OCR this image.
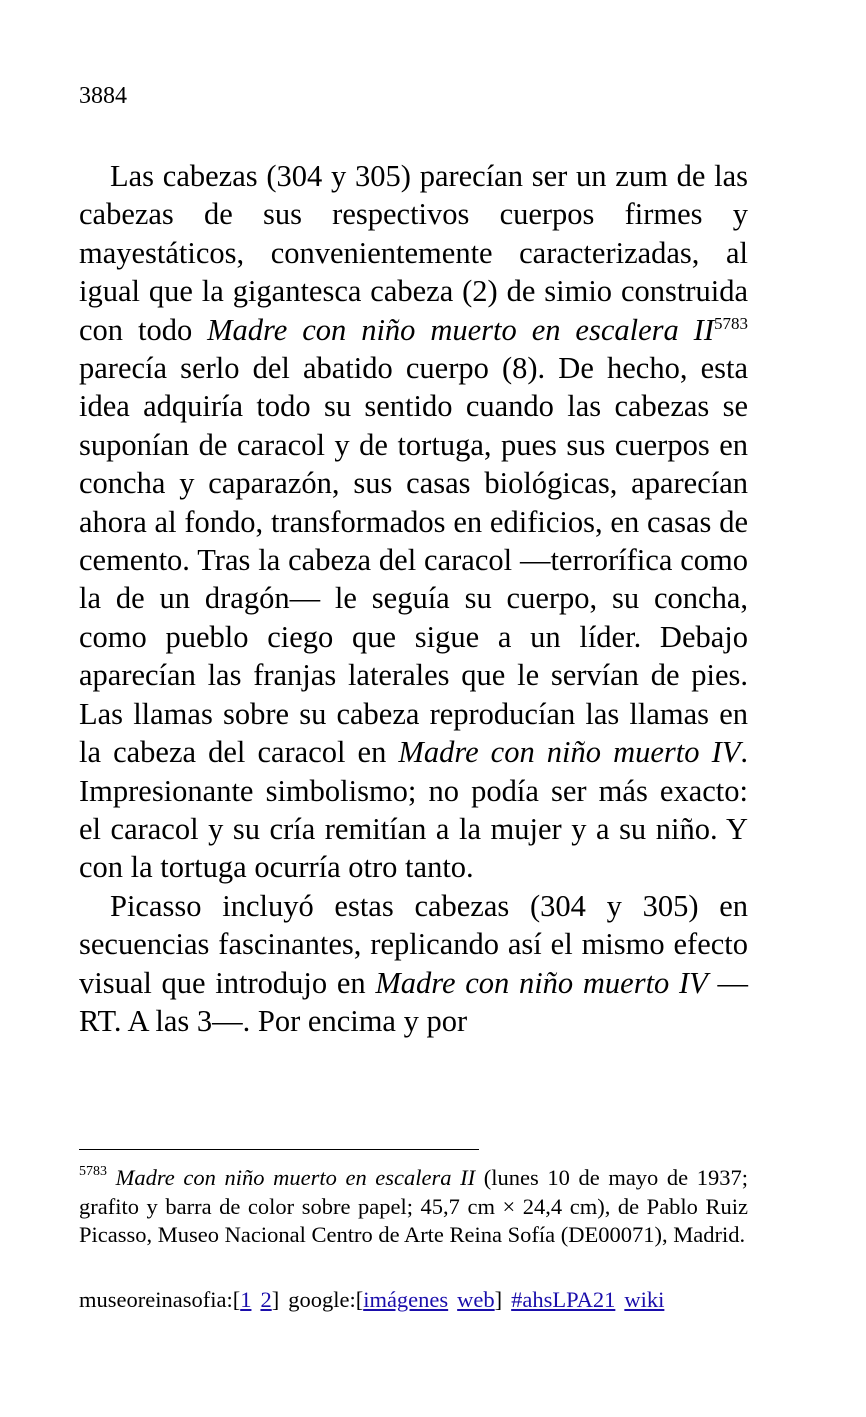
3884

Las cabezas (304 y 305) parecían ser un zum de las cabezas de sus respectivos cuerpos firmes y mayestáticos, convenientemente caracterizadas, al igual que la gigantesca cabeza (2) de simio construida con todo Madre con niño muerto en escalera II$^{5783}$ parecía serlo del abatido cuerpo (8). De hecho, esta idea adquiría todo su sentido cuando las cabezas se suponían de caracol y de tortuga, pues sus cuerpos en concha y caparazón, sus casas biológicas, aparecían ahora al fondo, transformados en edificios, en casas de cemento. Tras la cabeza del caracol —terrorífica como la de un dragón— le seguía su cuerpo, su concha, como pueblo ciego que sigue a un líder. Debajo aparecían las franjas laterales que le servían de pies. Las llamas sobre su cabeza reproducían las llamas en la cabeza del caracol en Madre con niño muerto IV. Impresionante simbolismo; no podía ser más exacto: el caracol y su cría remitían a la mujer y a su niño. Y con la tortuga ocurría otro tanto.

Picasso incluyó estas cabezas (304 y 305) en secuencias fascinantes, replicando así el mismo efecto visual que introdujo en Madre con niño muerto IV —RT. A las 3—. Por encima y por

$^{5783}$ Madre con niño muerto en escalera II (lunes 10 de mayo de 1937; grafito y barra de color sobre papel; 45,7 cm × 24,4 cm), de Pablo Ruiz Picasso, Museo Nacional Centro de Arte Reina Sofía (DE00071), Madrid.

museoreinasofia:[1 2] google:[imágenes web] #ahsLPA21 wiki
